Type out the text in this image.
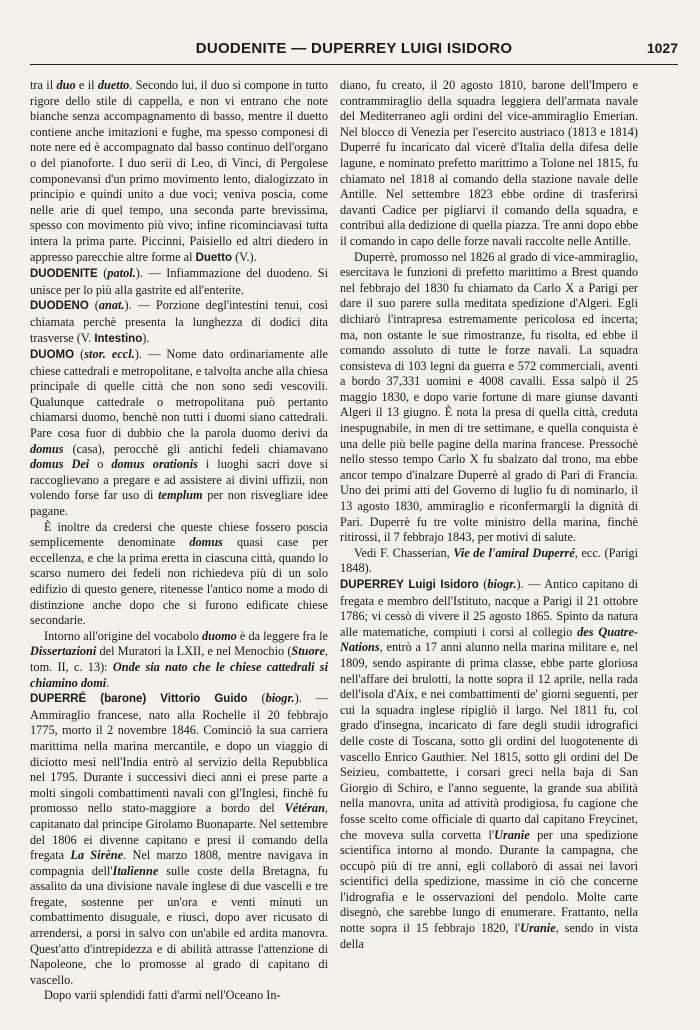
DUODENITE — DUPERREY LUIGI ISIDORO	1027

tra il duo e il duetto. Secondo lui, il duo si compone in tutto rigore dello stile di cappella, e non vi entrano che note bianche senza accompagnamento di basso, mentre il duetto contiene anche imitazioni e fughe, ma spesso componesi di note nere ed è accompagnato dal basso continuo dell'organo o del pianoforte. I duo serii di Leo, di Vinci, di Pergolese componevansi d'un primo movimento lento, dialogizzato in principio e quindi unito a due voci; veniva poscia, come nelle arie di quel tempo, una seconda parte brevissima, spesso con movimento più vivo; infine ricominciavasi tutta intera la prima parte. Piccinni, Paisiello ed altri diedero in appresso parecchie altre forme al Duetto (V.).

DUODENITE (patol.). — Infiammazione del duodeno. Si unisce per lo più alla gastrite ed all'enterite.

DUODENO (anat.). — Porzione degl'intestini tenui, così chiamata perchè presenta la lunghezza di dodici dita trasverse (V. Intestino).

DUOMO (stor. eccl.). — Nome dato ordinariamente alle chiese cattedrali e metropolitane, e talvolta anche alla chiesa principale di quelle città che non sono sedi vescovili. Qualunque cattedrale o metropolitana può pertanto chiamarsi duomo, benchè non tutti i duomi siano cattedrali. Pare cosa fuor di dubbio che la parola duomo derivi da domus (casa), perocchè gli antichi fedeli chiamavano domus Dei o domus orationis i luoghi sacri dove si raccoglievano a pregare e ad assistere ai divini uffizii, non volendo forse far uso di templum per non risvegliare idee pagane.

È inoltre da credersi che queste chiese fossero poscia semplicemente denominate domus quasi case per eccellenza, e che la prima eretta in ciascuna città, quando lo scarso numero dei fedeli non richiedeva più di un solo edifizio di questo genere, ritenesse l'antico nome a modo di distinzione anche dopo che si furono edificate chiese secondarie.

Intorno all'origine del vocabolo duomo è da leggere fra le Dissertazioni del Muratori la LXII, e nel Menochio (Stuore, tom. II, c. 13): Onde sia nato che le chiese cattedrali si chiamino domi.

DUPERRÉ (barone) Vittorio Guido (biogr.). — Ammiraglio francese, nato alla Rochelle il 20 febbrajo 1775, morto il 2 novembre 1846. Cominciò la sua carriera marittima nella marina mercantile, e dopo un viaggio di diciotto mesi nell'India entrò al servizio della Repubblica nel 1795. Durante i successivi dieci anni ei prese parte a molti singoli combattimenti navali con gl'Inglesi, finchè fu promosso nello stato-maggiore a bordo del Vétéran, capitanato dal principe Girolamo Buonaparte. Nel settembre del 1806 ei divenne capitano e presi il comando della fregata La Sirène. Nel marzo 1808, mentre navigava in compagnia dell'Italienne sulle coste della Bretagna, fu assalito da una divisione navale inglese di due vascelli e tre fregate, sostenne per un'ora e venti minuti un combattimento disuguale, e riuscì, dopo aver ricusato di arrendersi, a porsi in salvo con un'abile ed ardita manovra. Quest'atto d'intrepidezza e di abilità attrasse l'attenzione di Napoleone, che lo promosse al grado di capitano di vascello.

Dopo varii splendidi fatti d'armi nell'Oceano In-

diano, fu creato, il 20 agosto 1810, barone dell'Impero e contrammiraglio della squadra leggiera dell'armata navale del Mediterraneo agli ordini del vice-ammiraglio Emerian. Nel blocco di Venezia per l'esercito austriaco (1813 e 1814) Duperré fu incaricato dal vicerè d'Italia della difesa delle lagune, e nominato prefetto marittimo a Tolone nel 1815, fu chiamato nel 1818 al comando della stazione navale delle Antille. Nel settembre 1823 ebbe ordine di trasferirsi davanti Cadice per pigliarvi il comando della squadra, e contribuì alla dedizione di quella piazza. Tre anni dopo ebbe il comando in capo delle forze navali raccolte nelle Antille.

Duperrè, promosso nel 1826 al grado di vice-ammiraglio, esercitava le funzioni di prefetto marittimo a Brest quando nel febbrajo del 1830 fu chiamato da Carlo X a Parigi per dare il suo parere sulla meditata spedizione d'Algeri. Egli dichiarò l'intrapresa estremamente pericolosa ed incerta; ma, non ostante le sue rimostranze, fu risolta, ed ebbe il comando assoluto di tutte le forze navali. La squadra consisteva di 103 legni da guerra e 572 commerciali, aventi a bordo 37,331 uomini e 4008 cavalli. Essa salpò il 25 maggio 1830, e dopo varie fortune di mare giunse davanti Algeri il 13 giugno. È nota la presa di quella città, creduta inespugnabile, in men di tre settimane, e quella conquista è una delle più belle pagine della marina francese. Pressochè nello stesso tempo Carlo X fu sbalzato dal trono, ma ebbe ancor tempo d'inalzare Duperrè al grado di Pari di Francia. Uno dei primi atti del Governo di luglio fu di nominarlo, il 13 agosto 1830, ammiraglio e riconfermargli la dignità di Pari. Duperrè fu tre volte ministro della marina, finchè ritirossi, il 7 febbrajo 1843, per motivi di salute.

Vedi F. Chasserian, Vie de l'amiral Duperré, ecc. (Parigi 1848).

DUPERREY Luigi Isidoro (biogr.). — Antico capitano di fregata e membro dell'Istituto, nacque a Parigi il 21 ottobre 1786; vi cessò di vivere il 25 agosto 1865. Spinto da natura alle matematiche, compiuti i corsi al collegio des Quatre-Nations, entrò a 17 anni alunno nella marina militare e, nel 1809, sendo aspirante di prima classe, ebbe parte gloriosa nell'affare dei brulotti, la notte sopra il 12 aprile, nella rada dell'isola d'Aix, e nei combattimenti de' giorni seguenti, per cui la squadra inglese ripigliò il largo. Nel 1811 fu, col grado d'insegna, incaricato di fare degli studii idrografici delle coste di Toscana, sotto gli ordini del luogotenente di vascello Enrico Gauthier. Nel 1815, sotto gli ordini del De Seizieu, combattette, i corsari greci nella baja di San Giorgio di Schiro, e l'anno seguente, la grande sua abilità nella manovra, unita ad attività prodigiosa, fu cagione che fosse scelto come officiale di quarto dal capitano Freycinet, che moveva sulla corvetta l'Uranie per una spedizione scientifica intorno al mondo. Durante la campagna, che occupò più di tre anni, egli collaborò di assai nei lavori scientifici della spedizione, massime in ciò che concerne l'idrografia e le osservazioni del pendolo. Molte carte disegnò, che sarebbe lungo di enumerare. Frattanto, nella notte sopra il 15 febbrajo 1820, l'Uranie, sendo in vista della
